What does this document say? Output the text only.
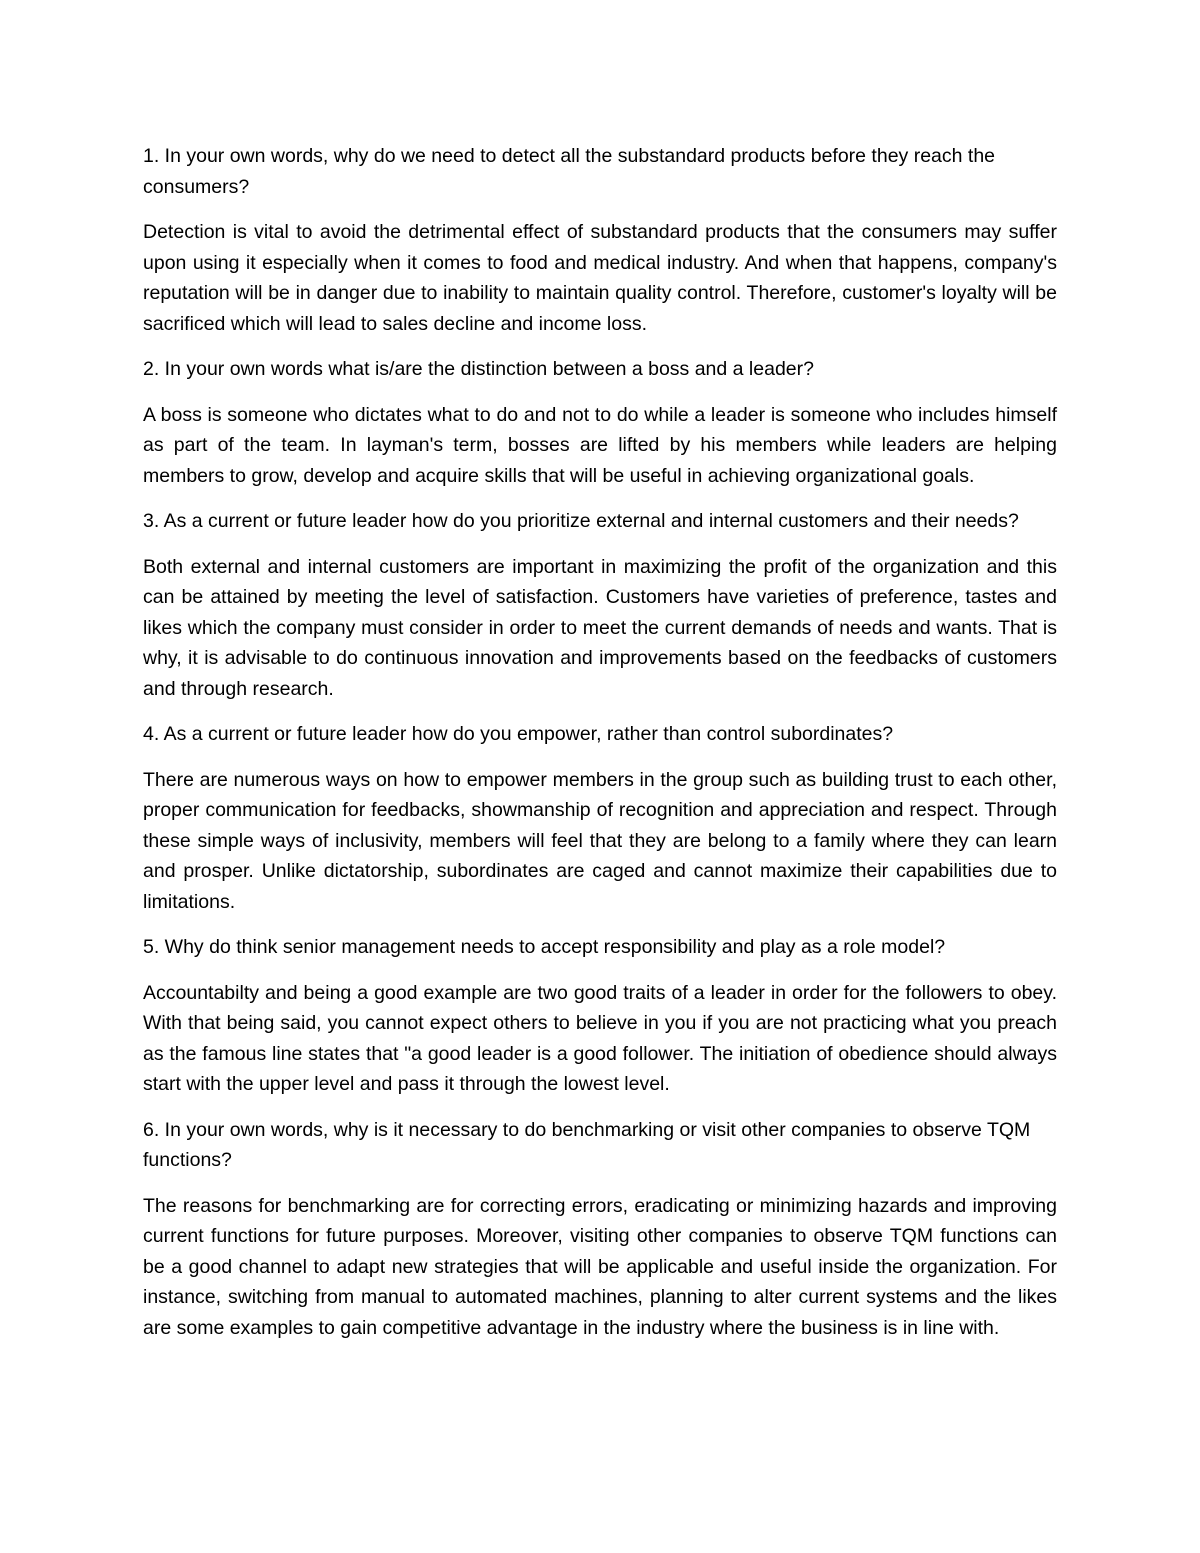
1. In your own words, why do we need to detect all the substandard products before they reach the consumers?

Detection is vital to avoid the detrimental effect of substandard products that the consumers may suffer upon using it especially when it comes to food and medical industry. And when that happens, company's reputation will be in danger due to inability to maintain quality control. Therefore, customer's loyalty will be sacrificed which will lead to sales decline and income loss.

2. In your own words what is/are the distinction between a boss and a leader?

A boss is someone who dictates what to do and not to do while a leader is someone who includes himself as part of the team. In layman's term, bosses are lifted by his members while leaders are helping members to grow, develop and acquire skills that will be useful in achieving organizational goals.

3. As a current or future leader how do you prioritize external and internal customers and their needs?

Both external and internal customers are important in maximizing the profit of the organization and this can be attained by meeting the level of satisfaction. Customers have varieties of preference, tastes and likes which the company must consider in order to meet the current demands of needs and wants. That is why, it is advisable to do continuous innovation and improvements based on the feedbacks of customers and through research.

4. As a current or future leader how do you empower, rather than control subordinates?

There are numerous ways on how to empower members in the group such as building trust to each other, proper communication for feedbacks, showmanship of recognition and appreciation and respect. Through these simple ways of inclusivity, members will feel that they are belong to a family where they can learn and prosper. Unlike dictatorship, subordinates are caged and cannot maximize their capabilities due to limitations.

5. Why do think senior management needs to accept responsibility and play as a role model?

Accountabilty and being a good example are two good traits of a leader in order for the followers to obey. With that being said, you cannot expect others to believe in you if you are not practicing what you preach as the famous line states that "a good leader is a good follower. The initiation of obedience should always start with the upper level and pass it through the lowest level.

6. In your own words, why is it necessary to do benchmarking or visit other companies to observe TQM functions?

The reasons for benchmarking are for correcting errors, eradicating or minimizing hazards and improving current functions for future purposes. Moreover, visiting other companies to observe TQM functions can be a good channel to adapt new strategies that will be applicable and useful inside the organization. For instance, switching from manual to automated machines, planning to alter current systems and the likes are some examples to gain competitive advantage in the industry where the business is in line with.
